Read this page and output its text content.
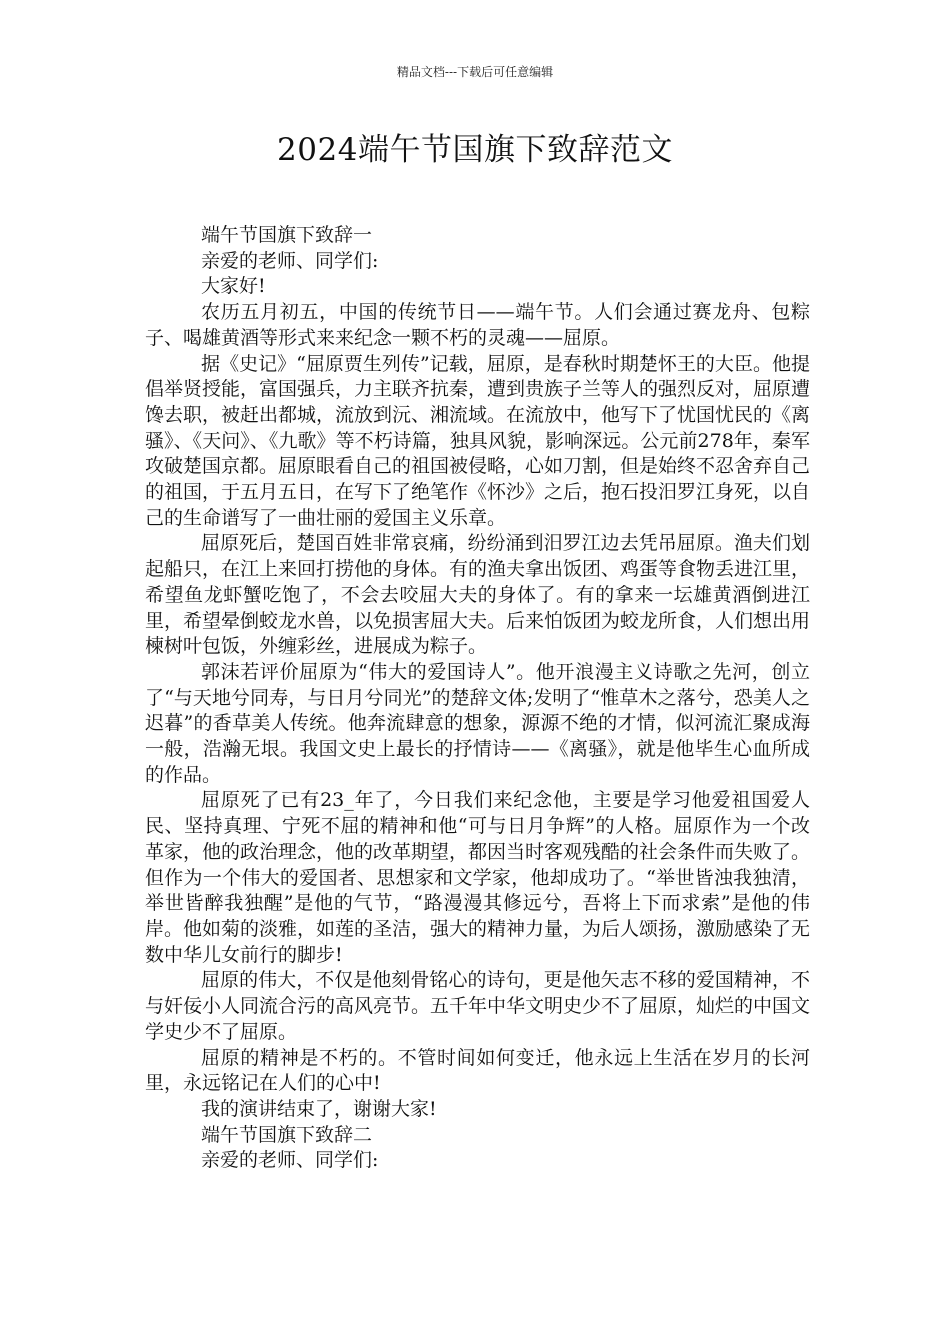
精品文档---下载后可任意编辑
2024端午节国旗下致辞范文

端午节国旗下致辞一

亲爱的老师、同学们:

大家好!

农历五月初五，中国的传统节日——端午节。人们会通过赛龙舟、包粽子、喝雄黄酒等形式来来纪念一颗不朽的灵魂——屈原。

据《史记》“屈原贾生列传”记载，屈原，是春秋时期楚怀王的大臣。他提倡举贤授能，富国强兵，力主联齐抗秦，遭到贵族子兰等人的强烈反对，屈原遭馋去职，被赶出都城，流放到沅、湘流域。在流放中，他写下了忧国忧民的《离骚》、《天问》、《九歌》等不朽诗篇，独具风貌，影响深远。公元前278年，秦军攻破楚国京都。屈原眼看自己的祖国被侵略，心如刀割，但是始终不忍舍弃自己的祖国，于五月五日，在写下了绝笔作《怀沙》之后，抱石投汨罗江身死，以自己的生命谱写了一曲壮丽的爱国主义乐章。

屈原死后，楚国百姓非常哀痛，纷纷涌到汨罗江边去凭吊屈原。渔夫们划起船只，在江上来回打捞他的身体。有的渔夫拿出饭团、鸡蛋等食物丢进江里，希望鱼龙虾蟹吃饱了，不会去咬屈大夫的身体了。有的拿来一坛雄黄酒倒进江里，希望晕倒蛟龙水兽，以免损害屈大夫。后来怕饭团为蛟龙所食，人们想出用楝树叶包饭，外缠彩丝，进展成为粽子。

郭沫若评价屈原为“伟大的爱国诗人”。他开浪漫主义诗歌之先河，创立了“与天地兮同寿，与日月兮同光”的楚辞文体;发明了“惟草木之落兮，恐美人之迟暮”的香草美人传统。他奔流肆意的想象，源源不绝的才情，似河流汇聚成海一般，浩瀚无垠。我国文史上最长的抒情诗——《离骚》，就是他毕生心血所成的作品。

屈原死了已有23_年了，今日我们来纪念他，主要是学习他爱祖国爱人民、坚持真理、宁死不屈的精神和他“可与日月争辉”的人格。屈原作为一个改革家，他的政治理念，他的改革期望，都因当时客观残酷的社会条件而失败了。但作为一个伟大的爱国者、思想家和文学家，他却成功了。“举世皆浊我独清，举世皆醉我独醒”是他的气节，“路漫漫其修远兮，吾将上下而求索”是他的伟岸。他如菊的淡雅，如莲的圣洁，强大的精神力量，为后人颂扬，激励感染了无数中华儿女前行的脚步!

屈原的伟大，不仅是他刻骨铭心的诗句，更是他矢志不移的爱国精神，不与奸佞小人同流合污的高风亮节。五千年中华文明史少不了屈原，灿烂的中国文学史少不了屈原。

屈原的精神是不朽的。不管时间如何变迁，他永远上生活在岁月的长河里，永远铭记在人们的心中!

我的演讲结束了，谢谢大家!

端午节国旗下致辞二

亲爱的老师、同学们:
